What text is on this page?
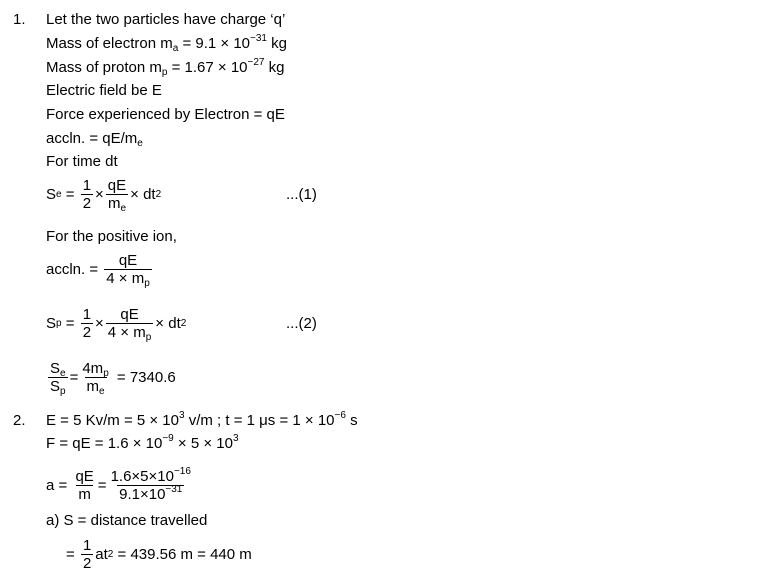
1. Let the two particles have charge ‘q’
Mass of electron $m_a = 9.1 \times 10^{-31}$ kg
Mass of proton $m_p = 1.67 \times 10^{-27}$ kg
Electric field be E
Force experienced by Electron = qE
accln. = $qE/m_e$
For time dt
S $e = \frac{1}{2} \times \frac{qE}{m_e}$ × dt 2	...(1)
For the positive ion,
accln. = $\frac{qE}{4 \times m_p}$
S $p = \frac{1}{2} \times \frac{qE}{4 \times m_p}$ × dt 2	...(2)
$\frac{S_e}{S_p} = \frac{4m_p}{m_e} = 7340.6$
2. E = 5 $Kv/m = 5 \times 10^3$ v/m ; t = 1 $\mu s = 1 \times 10^{-6}$ s
F = qE = $1.6 \times 10^{-9} \times 5 \times 10^3$
$a = \frac{qE}{m} = \frac{1.6\times 5\times 10^{-16}}{9.1\times 10^{-31}}$
a) S = distance travelled
= $\frac{1}{2}$ at 2 = 439.56 m = 440 m
